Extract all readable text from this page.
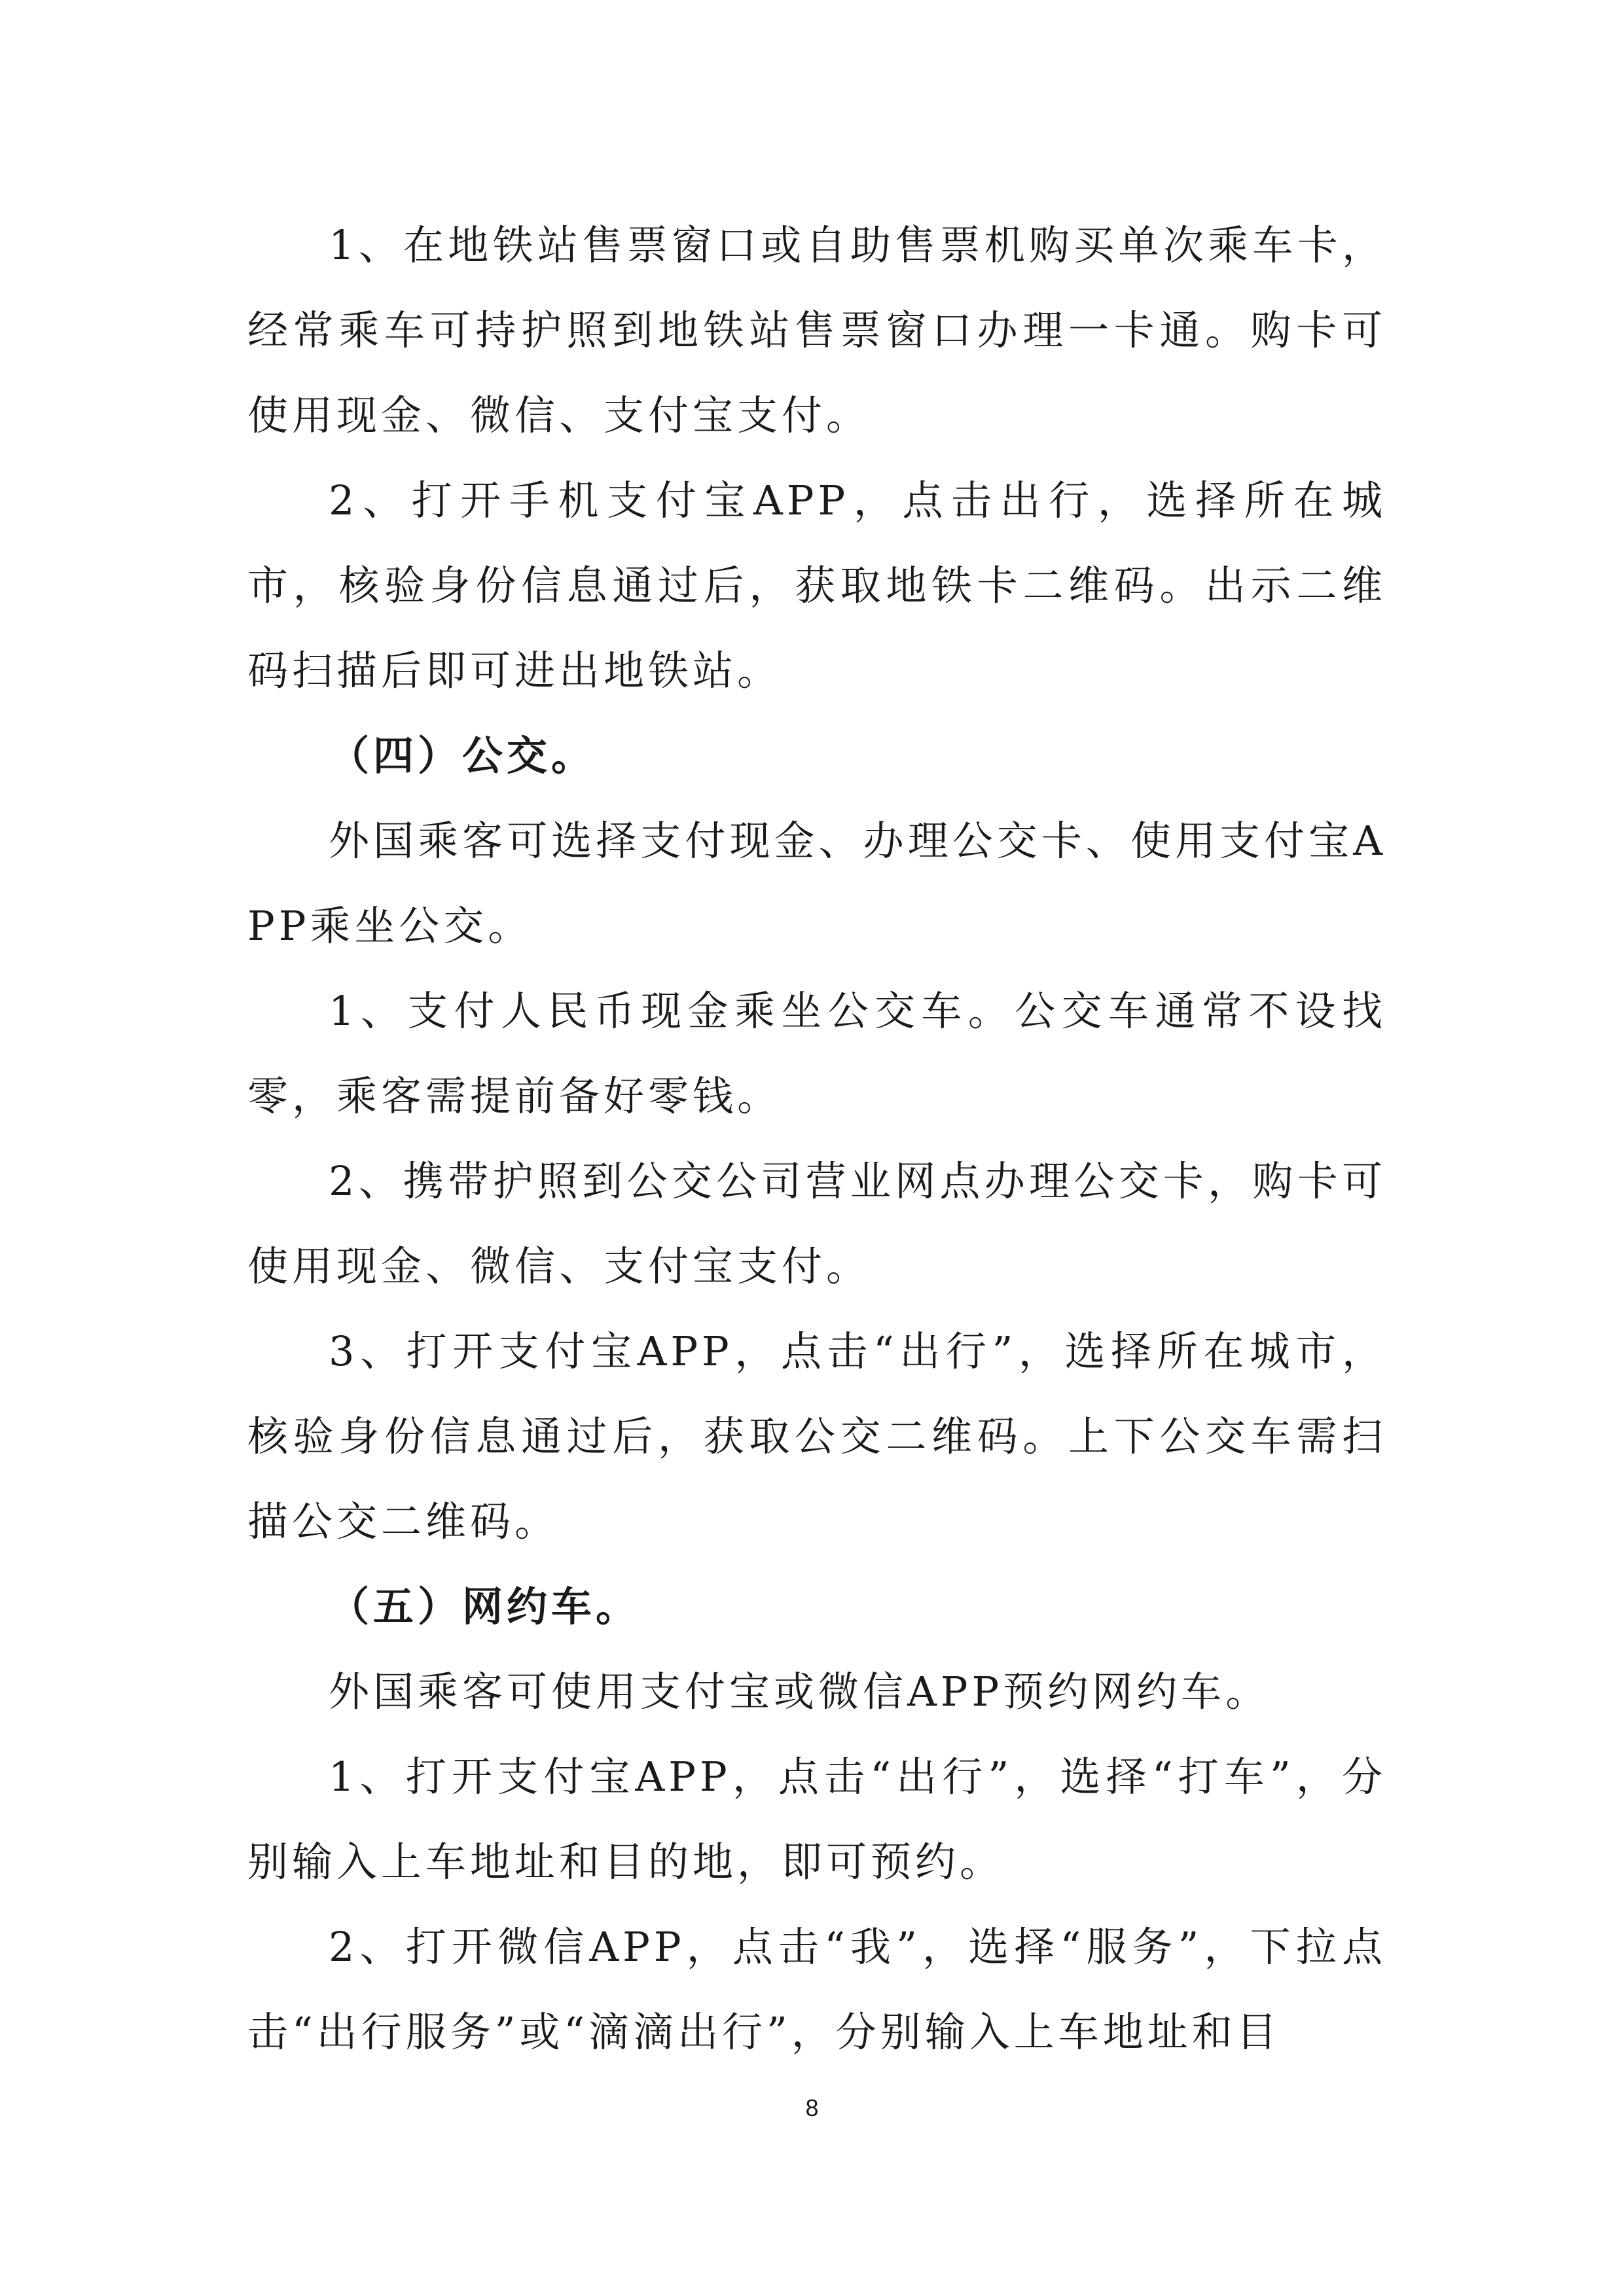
1、在地铁站售票窗口或自助售票机购买单次乘车卡，经常乘车可持护照到地铁站售票窗口办理一卡通。购卡可使用现金、微信、支付宝支付。

2、打开手机支付宝APP，点击出行，选择所在城市，核验身份信息通过后，获取地铁卡二维码。出示二维码扫描后即可进出地铁站。

（四）公交。

外国乘客可选择支付现金、办理公交卡、使用支付宝APP乘坐公交。

1、支付人民币现金乘坐公交车。公交车通常不设找零，乘客需提前备好零钱。

2、携带护照到公交公司营业网点办理公交卡，购卡可使用现金、微信、支付宝支付。

3、打开支付宝APP，点击“出行”，选择所在城市，核验身份信息通过后，获取公交二维码。上下公交车需扫描公交二维码。

（五）网约车。

外国乘客可使用支付宝或微信APP预约网约车。

1、打开支付宝APP，点击“出行”，选择“打车”，分别输入上车地址和目的地，即可预约。

2、打开微信APP，点击“我”，选择“服务”，下拉点击“出行服务”或“滴滴出行”，分别输入上车地址和目

8
